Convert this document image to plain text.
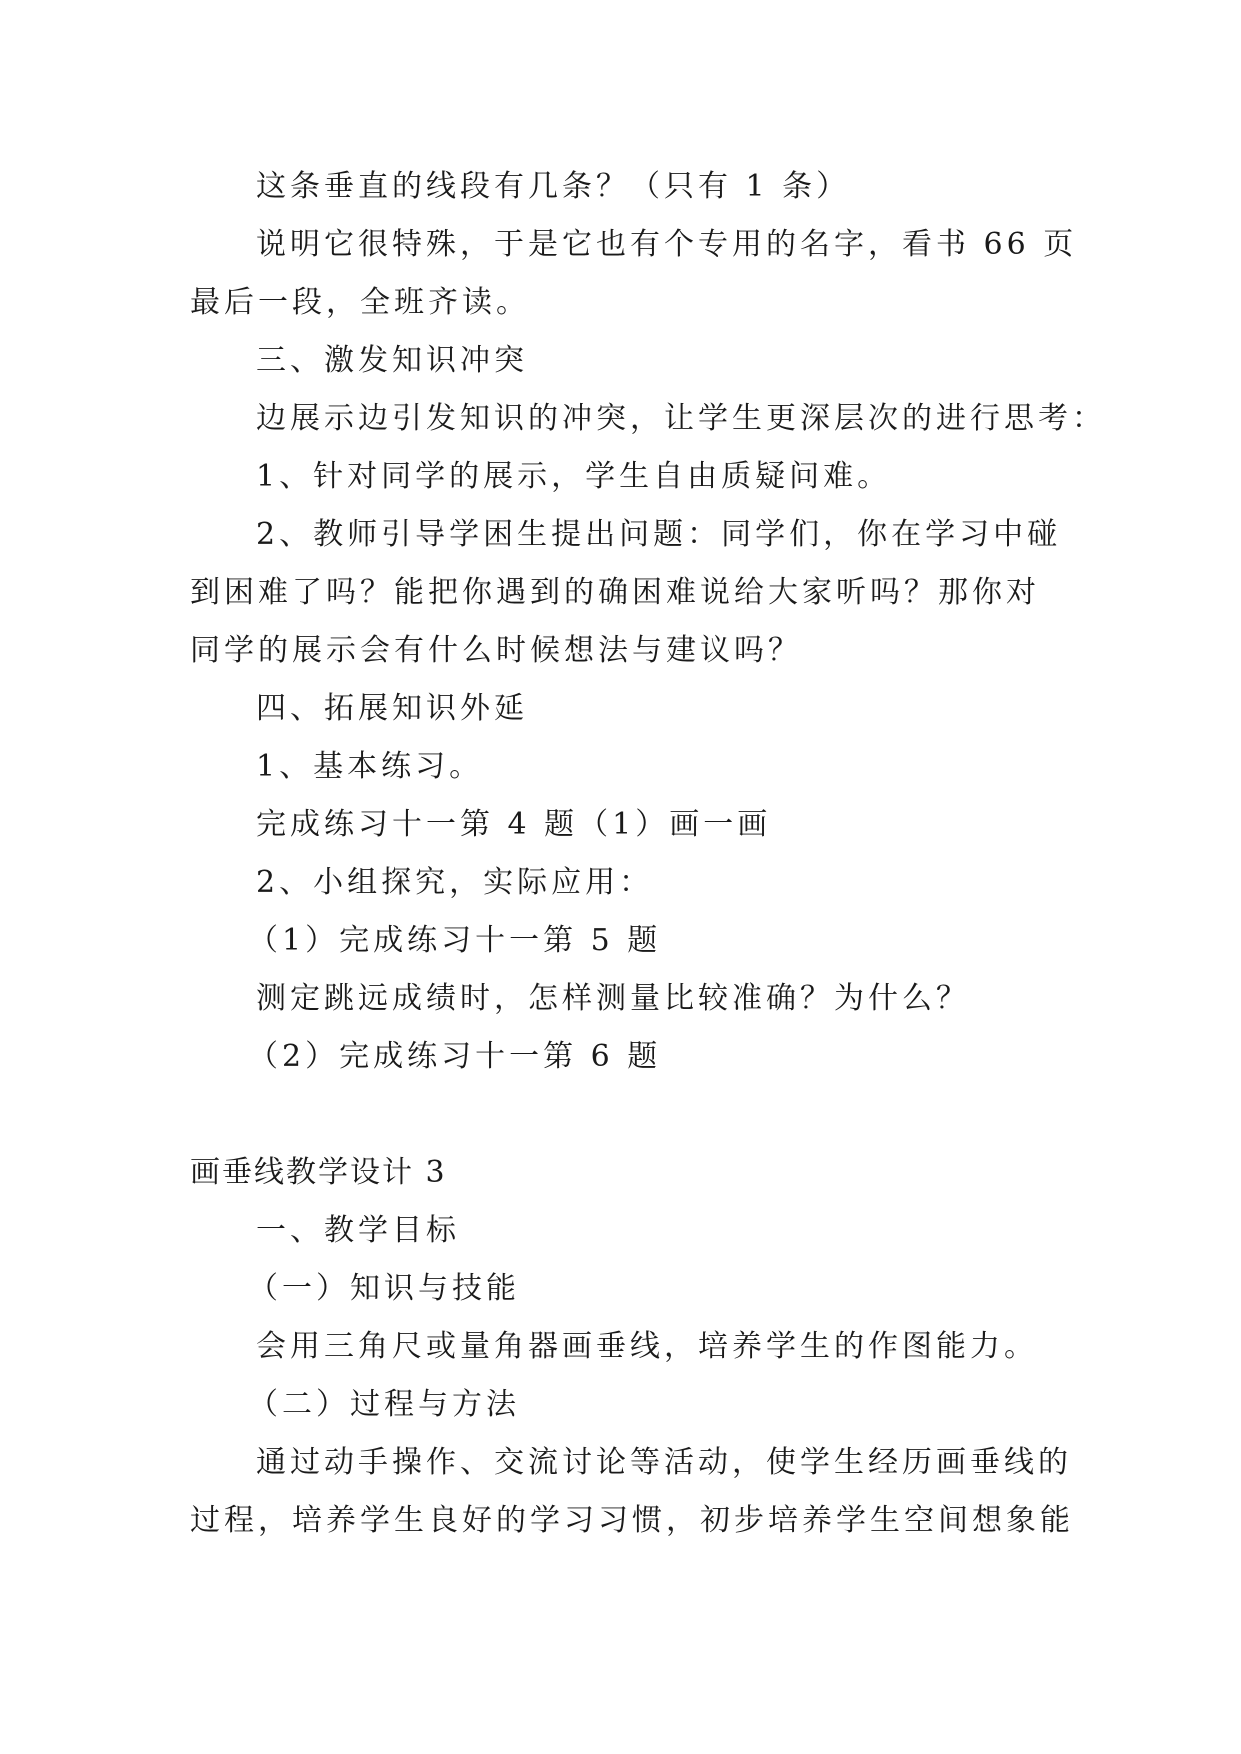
这条垂直的线段有几条？（只有 1 条）
说明它很特殊，于是它也有个专用的名字，看书 66 页
最后一段，全班齐读。
三、激发知识冲突
边展示边引发知识的冲突，让学生更深层次的进行思考：
1、针对同学的展示，学生自由质疑问难。
2、教师引导学困生提出问题：同学们，你在学习中碰
到困难了吗？能把你遇到的确困难说给大家听吗？那你对
同学的展示会有什么时候想法与建议吗？
四、拓展知识外延
1、基本练习。
完成练习十一第 4 题（1）画一画
2、小组探究，实际应用：
（1）完成练习十一第 5 题
测定跳远成绩时，怎样测量比较准确？为什么？
（2）完成练习十一第 6 题
画垂线教学设计 3
一、教学目标
（一）知识与技能
会用三角尺或量角器画垂线，培养学生的作图能力。
（二）过程与方法
通过动手操作、交流讨论等活动，使学生经历画垂线的
过程，培养学生良好的学习习惯，初步培养学生空间想象能
